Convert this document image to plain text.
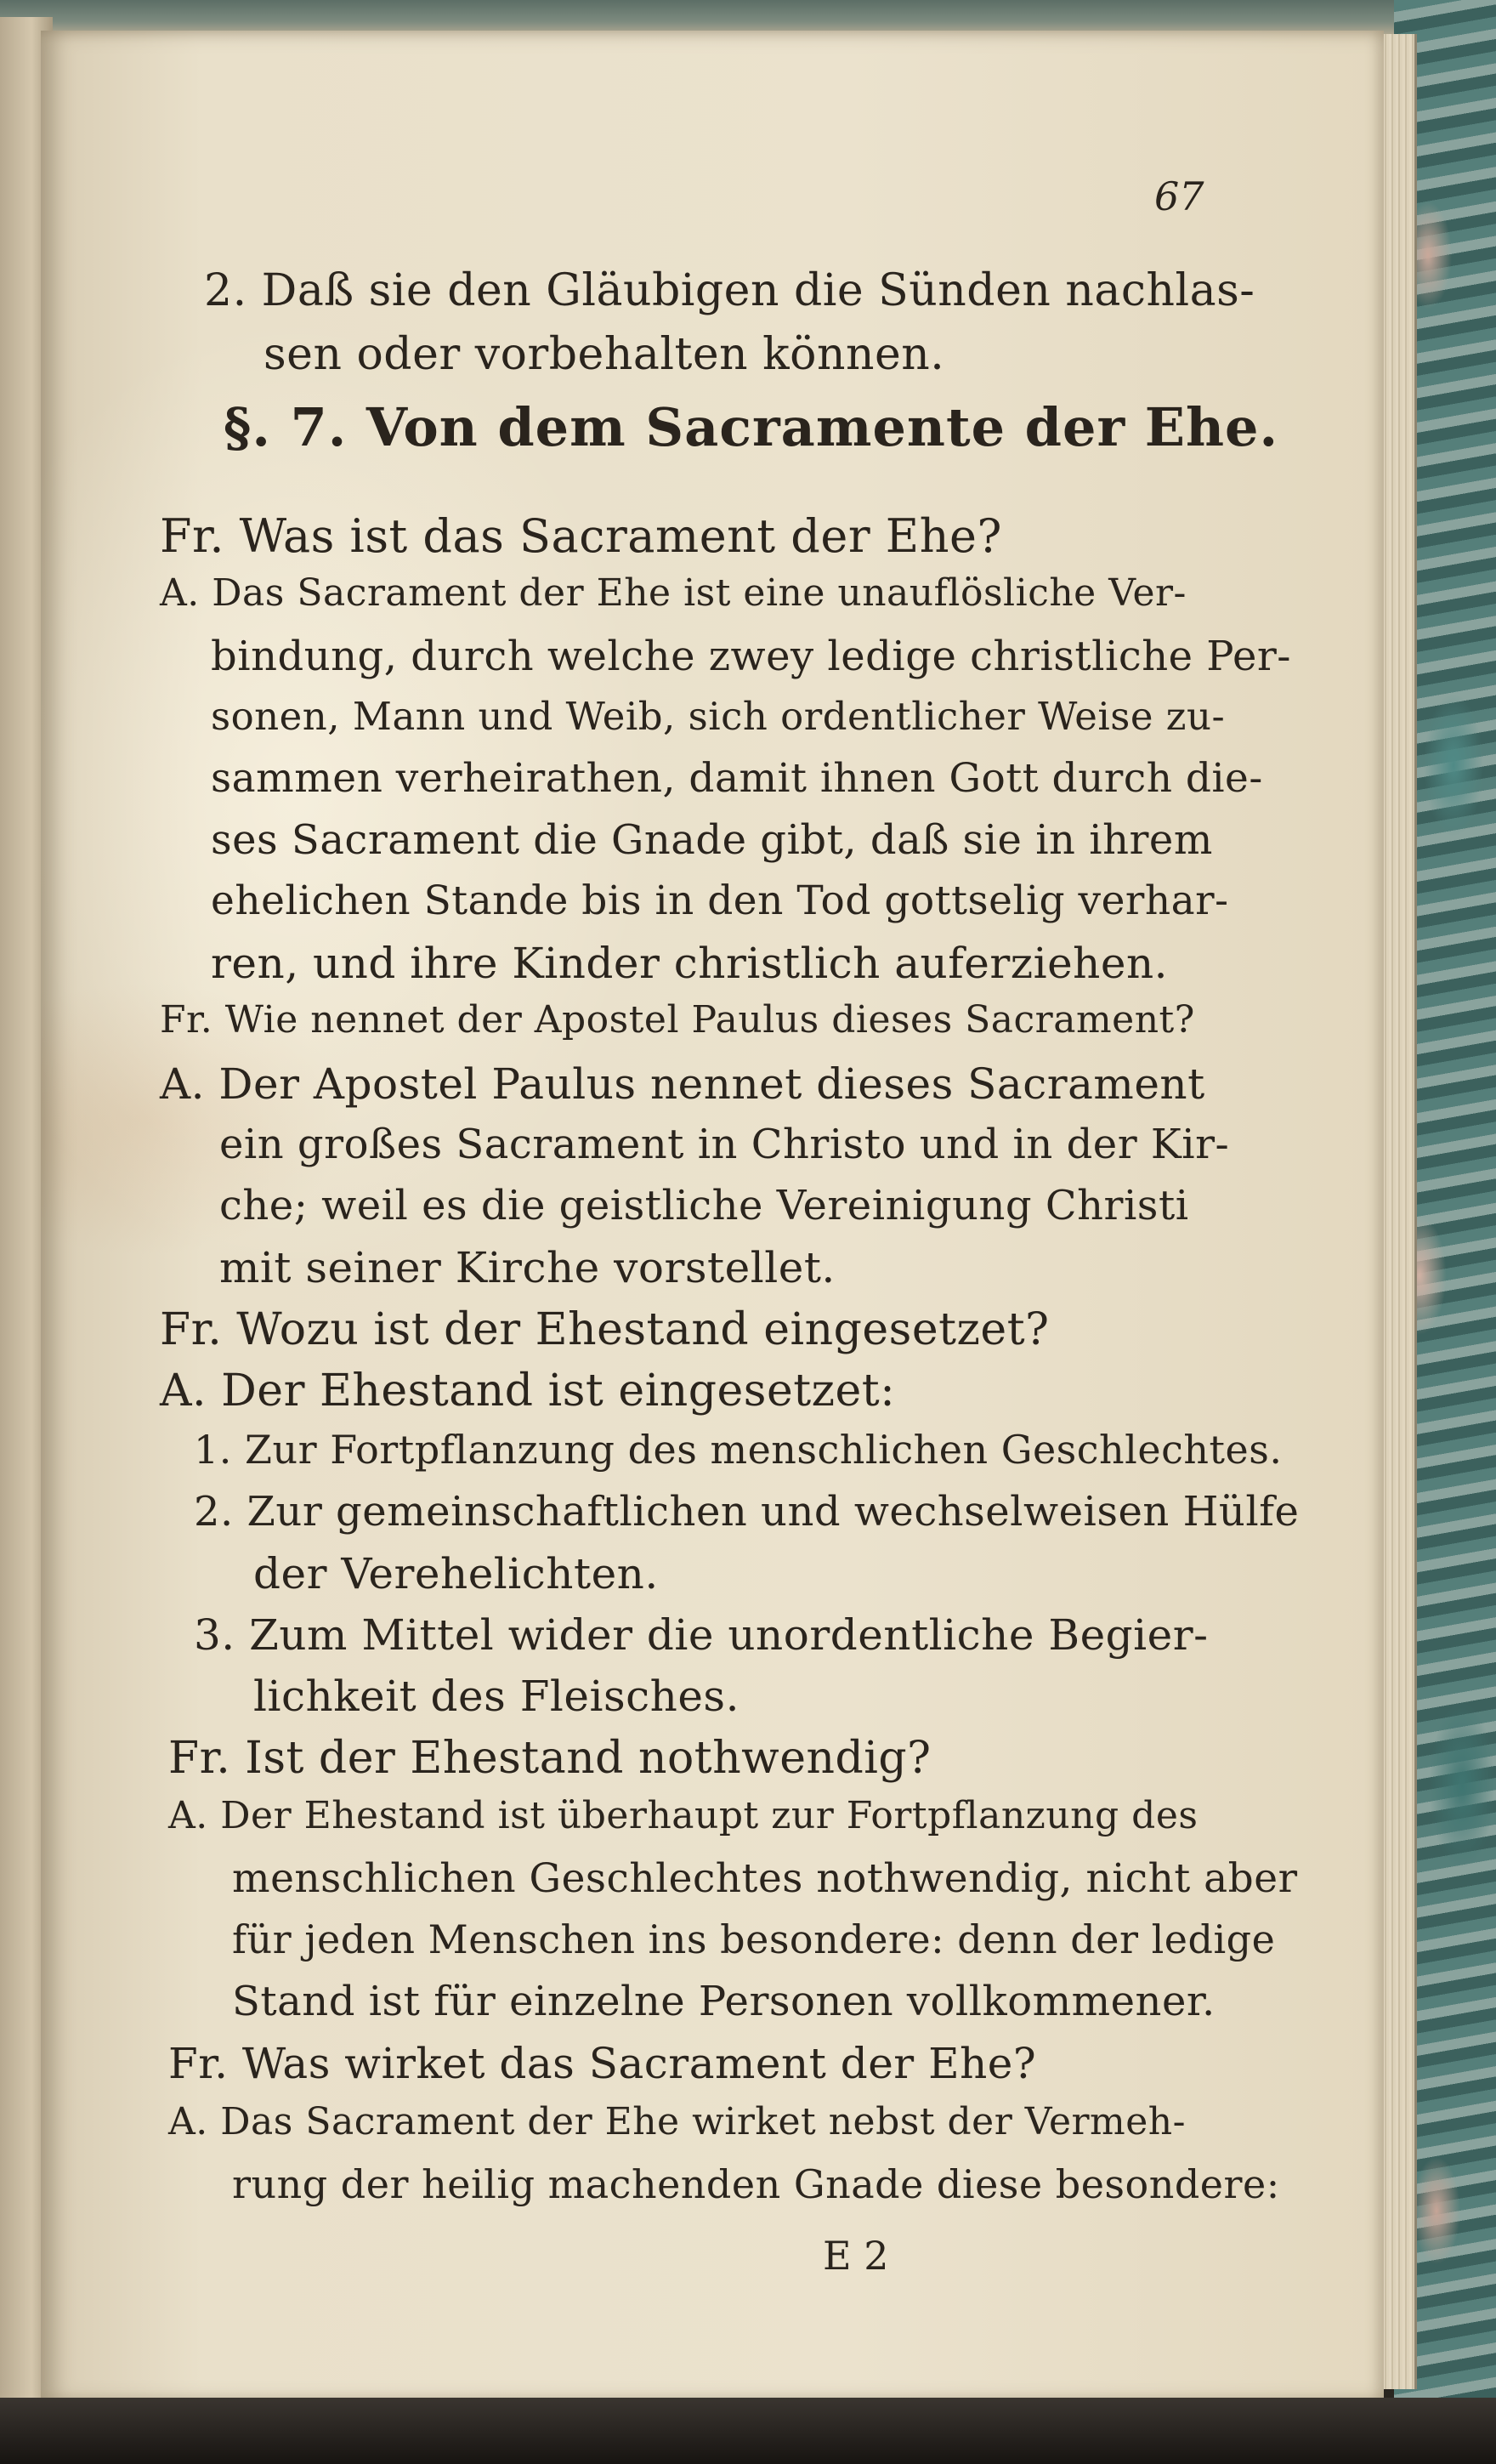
67
2. Daß sie den Gläubigen die Sünden nachlas-
sen oder vorbehalten können.
§. 7. Von dem Sacramente der Ehe.
Fr. Was ist das Sacrament der Ehe?
A. Das Sacrament der Ehe ist eine unauflösliche Ver-
bindung, durch welche zwey ledige christliche Per-
sonen, Mann und Weib, sich ordentlicher Weise zu-
sammen verheirathen, damit ihnen Gott durch die-
ses Sacrament die Gnade gibt, daß sie in ihrem
ehelichen Stande bis in den Tod gottselig verhar-
ren, und ihre Kinder christlich auferziehen.
Fr. Wie nennet der Apostel Paulus dieses Sacrament?
A. Der Apostel Paulus nennet dieses Sacrament
ein großes Sacrament in Christo und in der Kir-
che; weil es die geistliche Vereinigung Christi
mit seiner Kirche vorstellet.
Fr. Wozu ist der Ehestand eingesetzet?
A. Der Ehestand ist eingesetzet:
1. Zur Fortpflanzung des menschlichen Geschlechtes.
2. Zur gemeinschaftlichen und wechselweisen Hülfe
der Verehelichten.
3. Zum Mittel wider die unordentliche Begier-
lichkeit des Fleisches.
Fr. Ist der Ehestand nothwendig?
A. Der Ehestand ist überhaupt zur Fortpflanzung des
menschlichen Geschlechtes nothwendig, nicht aber
für jeden Menschen ins besondere: denn der ledige
Stand ist für einzelne Personen vollkommener.
Fr. Was wirket das Sacrament der Ehe?
A. Das Sacrament der Ehe wirket nebst der Vermeh-
rung der heilig machenden Gnade diese besondere:
E 2
